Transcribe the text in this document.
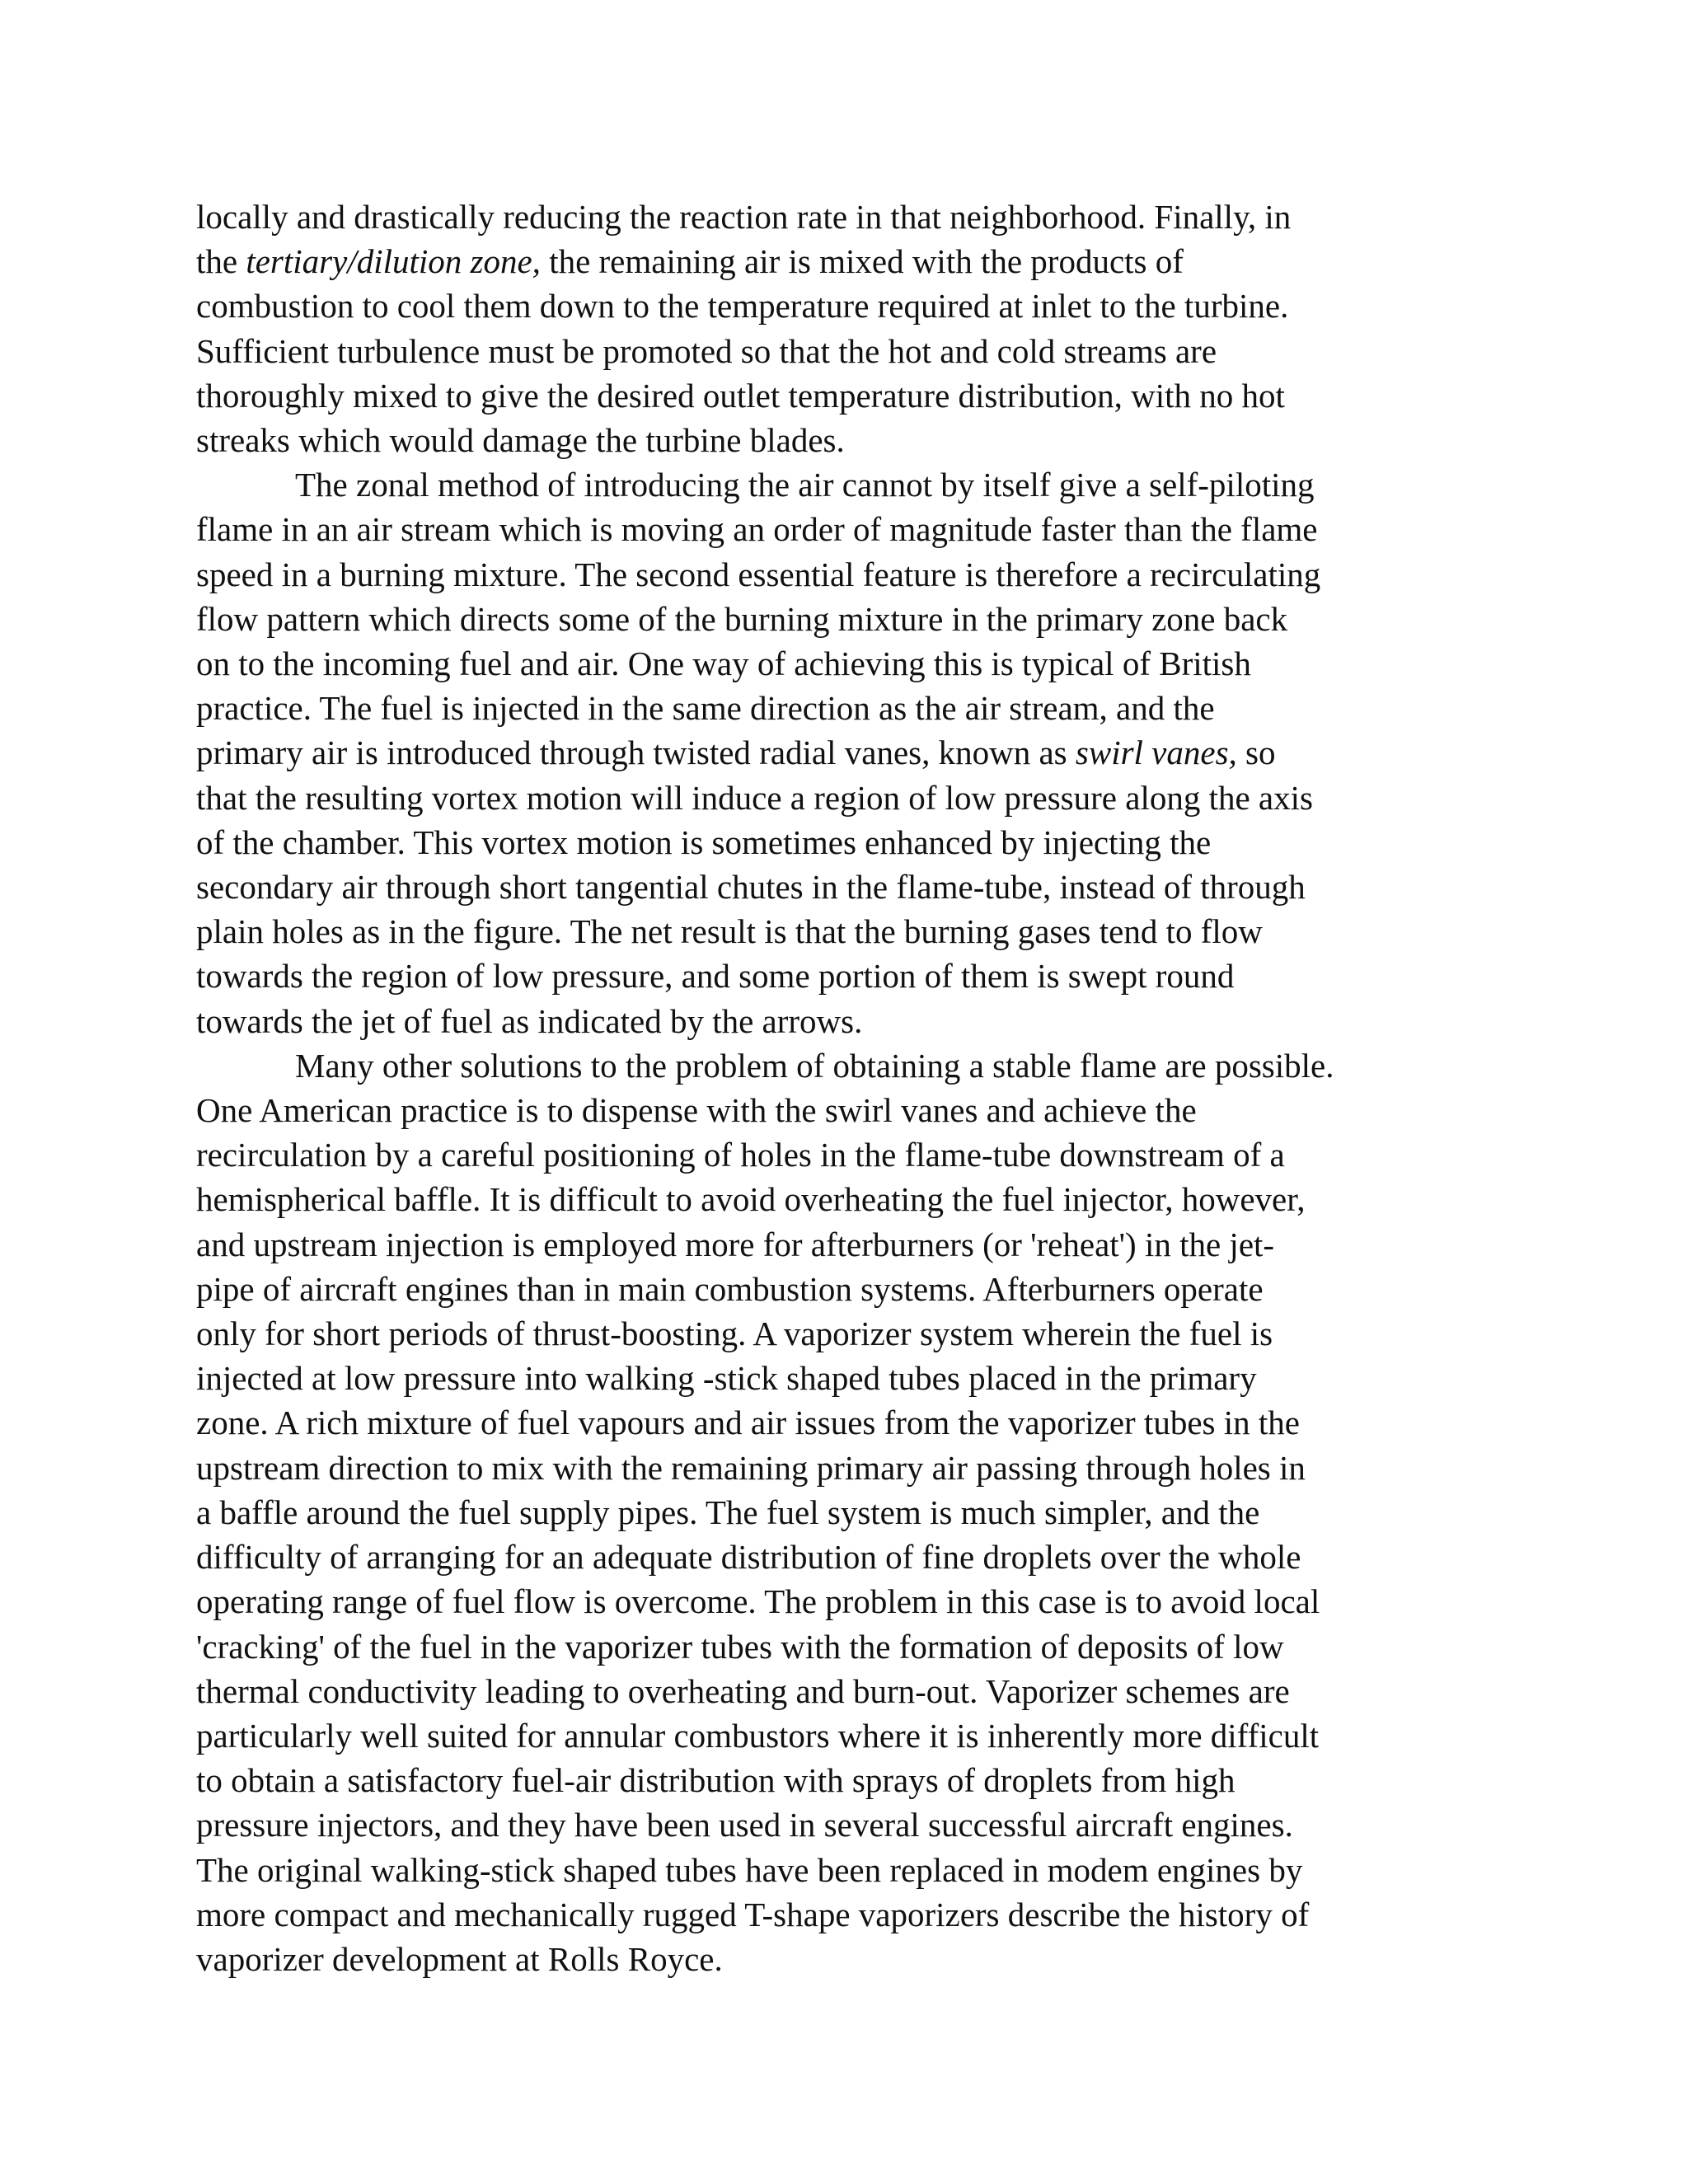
locally and drastically reducing the reaction rate in that neighborhood. Finally, in
the tertiary/dilution zone, the remaining air is mixed with the products of
combustion to cool them down to the temperature required at inlet to the turbine.
Sufficient turbulence must be promoted so that the hot and cold streams are
thoroughly mixed to give the desired outlet temperature distribution, with no hot
streaks which would damage the turbine blades.
The zonal method of introducing the air cannot by itself give a self-piloting
flame in an air stream which is moving an order of magnitude faster than the flame
speed in a burning mixture. The second essential feature is therefore a recirculating
flow pattern which directs some of the burning mixture in the primary zone back
on to the incoming fuel and air. One way of achieving this is typical of British
practice. The fuel is injected in the same direction as the air stream, and the
primary air is introduced through twisted radial vanes, known as swirl vanes, so
that the resulting vortex motion will induce a region of low pressure along the axis
of the chamber. This vortex motion is sometimes enhanced by injecting the
secondary air through short tangential chutes in the flame-tube, instead of through
plain holes as in the figure. The net result is that the burning gases tend to flow
towards the region of low pressure, and some portion of them is swept round
towards the jet of fuel as indicated by the arrows.
Many other solutions to the problem of obtaining a stable flame are possible.
One American practice is to dispense with the swirl vanes and achieve the
recirculation by a careful positioning of holes in the flame-tube downstream of a
hemispherical baffle. It is difficult to avoid overheating the fuel injector, however,
and upstream injection is employed more for afterburners (or 'reheat') in the jet-
pipe of aircraft engines than in main combustion systems. Afterburners operate
only for short periods of thrust-boosting. A vaporizer system wherein the fuel is
injected at low pressure into walking -stick shaped tubes placed in the primary
zone. A rich mixture of fuel vapours and air issues from the vaporizer tubes in the
upstream direction to mix with the remaining primary air passing through holes in
a baffle around the fuel supply pipes. The fuel system is much simpler, and the
difficulty of arranging for an adequate distribution of fine droplets over the whole
operating range of fuel flow is overcome. The problem in this case is to avoid local
'cracking' of the fuel in the vaporizer tubes with the formation of deposits of low
thermal conductivity leading to overheating and burn-out. Vaporizer schemes are
particularly well suited for annular combustors where it is inherently more difficult
to obtain a satisfactory fuel-air distribution with sprays of droplets from high
pressure injectors, and they have been used in several successful aircraft engines.
The original walking-stick shaped tubes have been replaced in modem engines by
more compact and mechanically rugged T-shape vaporizers describe the history of
vaporizer development at Rolls Royce.
